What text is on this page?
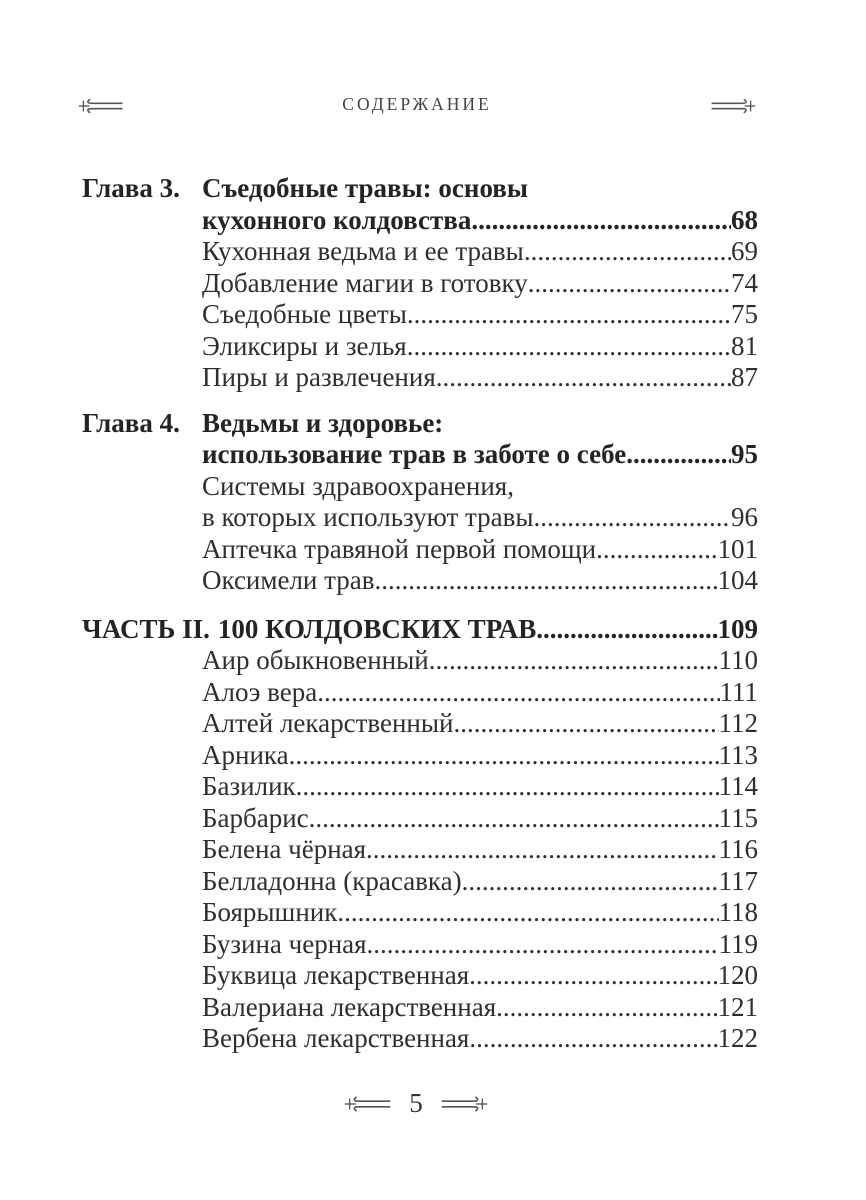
СОДЕРЖАНИЕ
Глава 3. Съедобные травы: основы
кухонного колдовства .....	68
Кухонная ведьма и ее травы .....	69
Добавление магии в готовку .....	74
Съедобные цветы .....	75
Эликсиры и зелья .....	81
Пиры и развлечения .....	87
Глава 4. Ведьмы и здоровье:
использование трав в заботе о себе .....	95
Системы здравоохранения,
в которых используют травы .....	96
Аптечка травяной первой помощи .....	101
Оксимели трав .....	104
ЧАСТЬ II. 100 КОЛДОВСКИХ ТРАВ .....	109
Аир обыкновенный .....	110
Алоэ вера .....	111
Алтей лекарственный .....	112
Арника .....	113
Базилик .....	114
Барбарис .....	115
Белена чёрная .....	116
Белладонна (красавка) .....	117
Боярышник .....	118
Бузина черная .....	119
Буквица лекарственная .....	120
Валериана лекарственная .....	121
Вербена лекарственная .....	122
5
